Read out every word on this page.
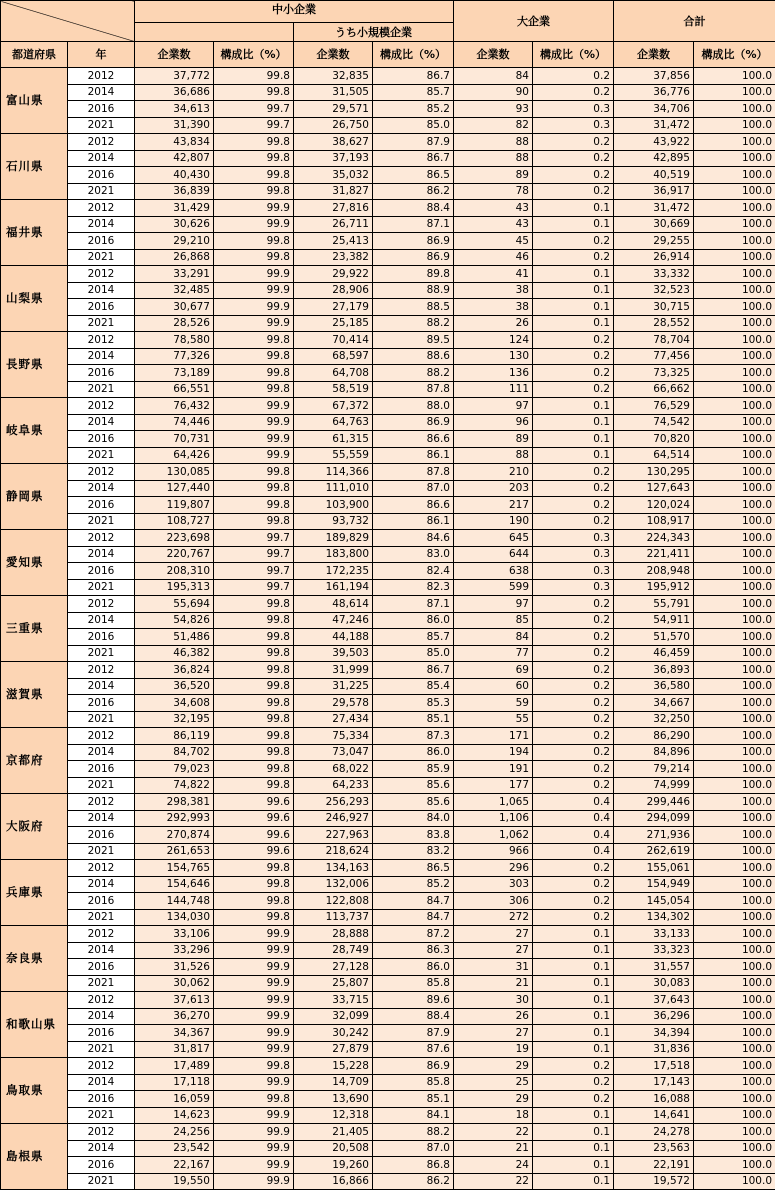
		中小企業				大企業		合計	
				うち小規模企業					
都道府県	年	企業数	構成比（%）	企業数	構成比（%）	企業数	構成比（%）	企業数	構成比（%）
富山県	2012	37,772	99.8	32,835	86.7	84	0.2	37,856	100.0
	2014	36,686	99.8	31,505	85.7	90	0.2	36,776	100.0
	2016	34,613	99.7	29,571	85.2	93	0.3	34,706	100.0
	2021	31,390	99.7	26,750	85.0	82	0.3	31,472	100.0
石川県	2012	43,834	99.8	38,627	87.9	88	0.2	43,922	100.0
	2014	42,807	99.8	37,193	86.7	88	0.2	42,895	100.0
	2016	40,430	99.8	35,032	86.5	89	0.2	40,519	100.0
	2021	36,839	99.8	31,827	86.2	78	0.2	36,917	100.0
福井県	2012	31,429	99.9	27,816	88.4	43	0.1	31,472	100.0
	2014	30,626	99.9	26,711	87.1	43	0.1	30,669	100.0
	2016	29,210	99.8	25,413	86.9	45	0.2	29,255	100.0
	2021	26,868	99.8	23,382	86.9	46	0.2	26,914	100.0
山梨県	2012	33,291	99.9	29,922	89.8	41	0.1	33,332	100.0
	2014	32,485	99.9	28,906	88.9	38	0.1	32,523	100.0
	2016	30,677	99.9	27,179	88.5	38	0.1	30,715	100.0
	2021	28,526	99.9	25,185	88.2	26	0.1	28,552	100.0
長野県	2012	78,580	99.8	70,414	89.5	124	0.2	78,704	100.0
	2014	77,326	99.8	68,597	88.6	130	0.2	77,456	100.0
	2016	73,189	99.8	64,708	88.2	136	0.2	73,325	100.0
	2021	66,551	99.8	58,519	87.8	111	0.2	66,662	100.0
岐阜県	2012	76,432	99.9	67,372	88.0	97	0.1	76,529	100.0
	2014	74,446	99.9	64,763	86.9	96	0.1	74,542	100.0
	2016	70,731	99.9	61,315	86.6	89	0.1	70,820	100.0
	2021	64,426	99.9	55,559	86.1	88	0.1	64,514	100.0
静岡県	2012	130,085	99.8	114,366	87.8	210	0.2	130,295	100.0
	2014	127,440	99.8	111,010	87.0	203	0.2	127,643	100.0
	2016	119,807	99.8	103,900	86.6	217	0.2	120,024	100.0
	2021	108,727	99.8	93,732	86.1	190	0.2	108,917	100.0
愛知県	2012	223,698	99.7	189,829	84.6	645	0.3	224,343	100.0
	2014	220,767	99.7	183,800	83.0	644	0.3	221,411	100.0
	2016	208,310	99.7	172,235	82.4	638	0.3	208,948	100.0
	2021	195,313	99.7	161,194	82.3	599	0.3	195,912	100.0
三重県	2012	55,694	99.8	48,614	87.1	97	0.2	55,791	100.0
	2014	54,826	99.8	47,246	86.0	85	0.2	54,911	100.0
	2016	51,486	99.8	44,188	85.7	84	0.2	51,570	100.0
	2021	46,382	99.8	39,503	85.0	77	0.2	46,459	100.0
滋賀県	2012	36,824	99.8	31,999	86.7	69	0.2	36,893	100.0
	2014	36,520	99.8	31,225	85.4	60	0.2	36,580	100.0
	2016	34,608	99.8	29,578	85.3	59	0.2	34,667	100.0
	2021	32,195	99.8	27,434	85.1	55	0.2	32,250	100.0
京都府	2012	86,119	99.8	75,334	87.3	171	0.2	86,290	100.0
	2014	84,702	99.8	73,047	86.0	194	0.2	84,896	100.0
	2016	79,023	99.8	68,022	85.9	191	0.2	79,214	100.0
	2021	74,822	99.8	64,233	85.6	177	0.2	74,999	100.0
大阪府	2012	298,381	99.6	256,293	85.6	1,065	0.4	299,446	100.0
	2014	292,993	99.6	246,927	84.0	1,106	0.4	294,099	100.0
	2016	270,874	99.6	227,963	83.8	1,062	0.4	271,936	100.0
	2021	261,653	99.6	218,624	83.2	966	0.4	262,619	100.0
兵庫県	2012	154,765	99.8	134,163	86.5	296	0.2	155,061	100.0
	2014	154,646	99.8	132,006	85.2	303	0.2	154,949	100.0
	2016	144,748	99.8	122,808	84.7	306	0.2	145,054	100.0
	2021	134,030	99.8	113,737	84.7	272	0.2	134,302	100.0
奈良県	2012	33,106	99.9	28,888	87.2	27	0.1	33,133	100.0
	2014	33,296	99.9	28,749	86.3	27	0.1	33,323	100.0
	2016	31,526	99.9	27,128	86.0	31	0.1	31,557	100.0
	2021	30,062	99.9	25,807	85.8	21	0.1	30,083	100.0
和歌山県	2012	37,613	99.9	33,715	89.6	30	0.1	37,643	100.0
	2014	36,270	99.9	32,099	88.4	26	0.1	36,296	100.0
	2016	34,367	99.9	30,242	87.9	27	0.1	34,394	100.0
	2021	31,817	99.9	27,879	87.6	19	0.1	31,836	100.0
鳥取県	2012	17,489	99.8	15,228	86.9	29	0.2	17,518	100.0
	2014	17,118	99.9	14,709	85.8	25	0.2	17,143	100.0
	2016	16,059	99.8	13,690	85.1	29	0.2	16,088	100.0
	2021	14,623	99.9	12,318	84.1	18	0.1	14,641	100.0
島根県	2012	24,256	99.9	21,405	88.2	22	0.1	24,278	100.0
	2014	23,542	99.9	20,508	87.0	21	0.1	23,563	100.0
	2016	22,167	99.9	19,260	86.8	24	0.1	22,191	100.0
	2021	19,550	99.9	16,866	86.2	22	0.1	19,572	100.0
